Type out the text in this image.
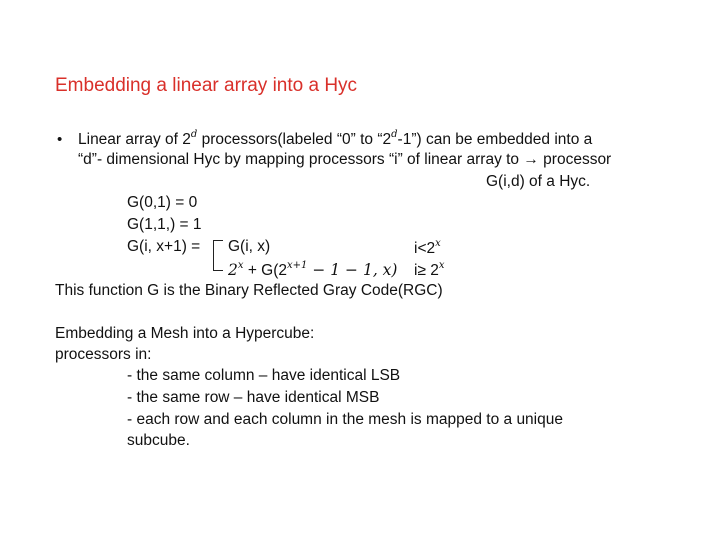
Embedding a linear array into a Hyc
• Linear array of 2$^d$ processors(labeled “0” to “2$^d$-1”) can be embedded into a
“d”- dimensional Hyc by mapping processors “i” of linear array to → processor
G(i,d) of a Hyc.
G(0,1) = 0
G(1,1,) = 1
G(i, x+1) = G(i, x)	$i<2^x$
$2^x + G(2^{x+1} - 1 - 1$, x) $i\ge 2^x$
This function G is the Binary Reflected Gray Code(RGC)
Embedding a Mesh into a Hypercube:
processors in:
- the same column – have identical LSB
- the same row – have identical MSB
- each row and each column in the mesh is mapped to a unique
subcube.
